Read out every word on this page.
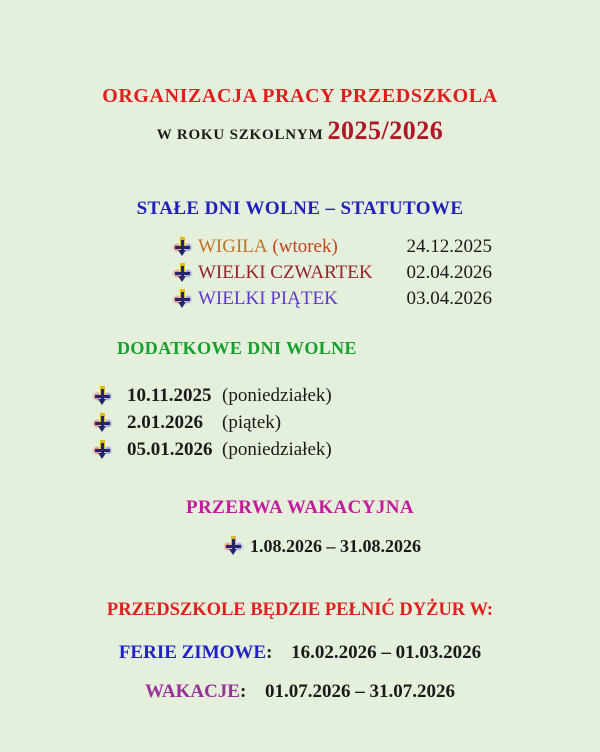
ORGANIZACJA PRACY PRZEDSZKOLA
W ROKU SZKOLNYM 2025/2026
STAŁE DNI WOLNE – STATUTOWE
WIGILA (wtorek)	24.12.2025
WIELKI CZWARTEK 02.04.2026
WIELKI PIĄTEK	03.04.2026
DODATKOWE DNI WOLNE
10.11.2025 (poniedziałek)
2.01.2026	(piątek)
05.01.2026 (poniedziałek)
PRZERWA WAKACYJNA
1.08.2026 – 31.08.2026
PRZEDSZKOLE BĘDZIE PEŁNIĆ DYŻUR W:
FERIE ZIMOWE: 16.02.2026 – 01.03.2026
WAKACJE: 01.07.2026 – 31.07.2026
